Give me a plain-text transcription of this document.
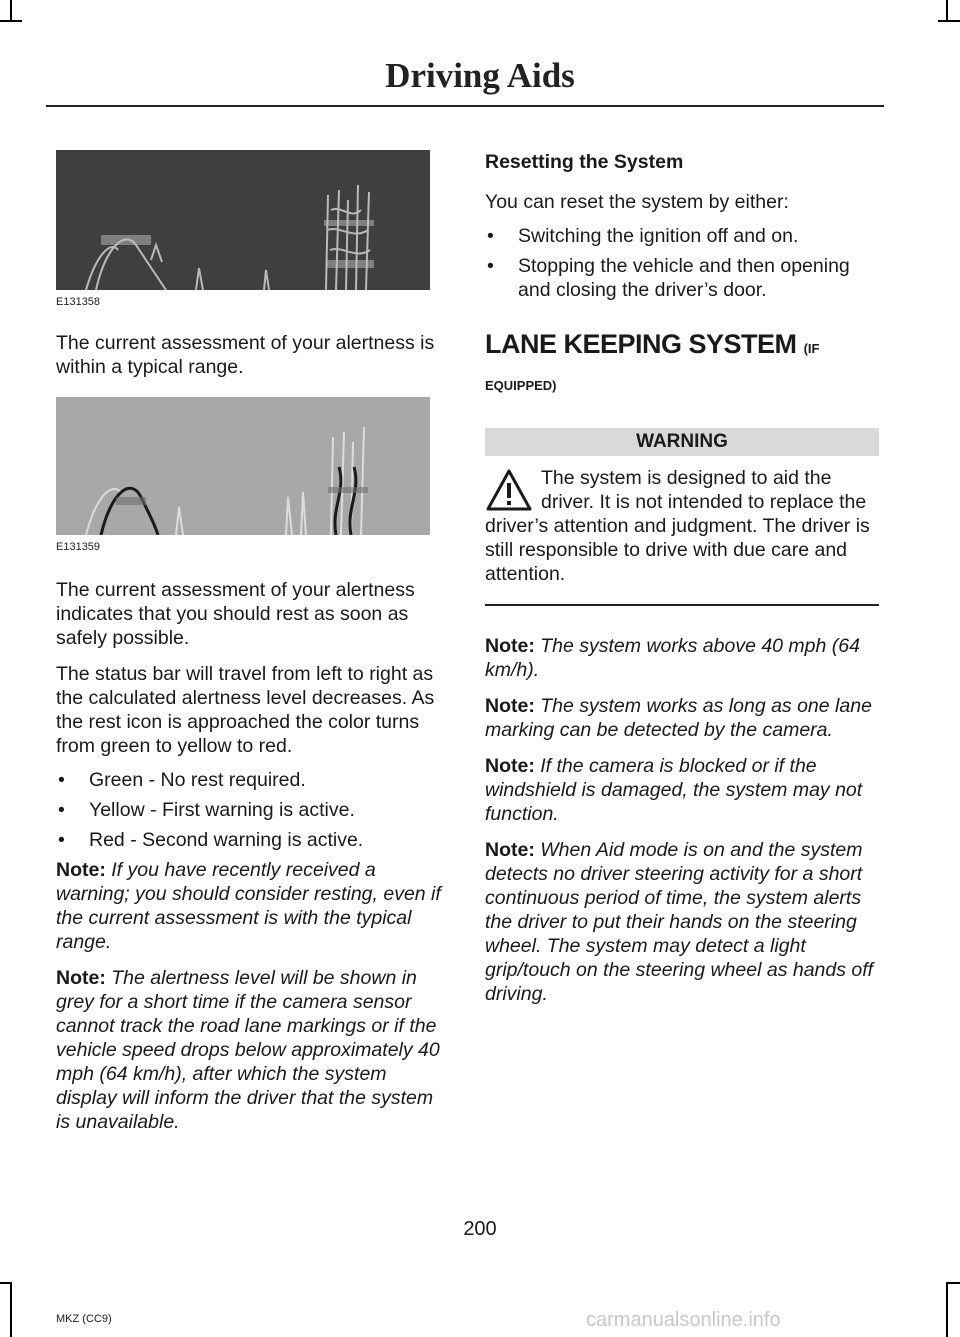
Driving Aids
E131358

The current assessment of your alertness is within a typical range.

E131359

The current assessment of your alertness indicates that you should rest as soon as safely possible.

The status bar will travel from left to right as the calculated alertness level decreases. As the rest icon is approached the color turns from green to yellow to red.

• Green - No rest required.
• Yellow - First warning is active.
• Red - Second warning is active.

Note: If you have recently received a warning; you should consider resting, even if the current assessment is with the typical range.

Note: The alertness level will be shown in grey for a short time if the camera sensor cannot track the road lane markings or if the vehicle speed drops below approximately 40 mph (64 km/h), after which the system display will inform the driver that the system is unavailable.

Resetting the System

You can reset the system by either:

• Switching the ignition off and on.
• Stopping the vehicle and then opening and closing the driver’s door.
LANE KEEPING SYSTEM (IF EQUIPPED)
WARNING

The system is designed to aid the driver. It is not intended to replace the driver’s attention and judgment. The driver is still responsible to drive with due care and attention.

Note: The system works above 40 mph (64 km/h).

Note: The system works as long as one lane marking can be detected by the camera.

Note: If the camera is blocked or if the windshield is damaged, the system may not function.

Note: When Aid mode is on and the system detects no driver steering activity for a short continuous period of time, the system alerts the driver to put their hands on the steering wheel. The system may detect a light grip/touch on the steering wheel as hands off driving.

200
MKZ (CC9)	carmanualsonline.info
